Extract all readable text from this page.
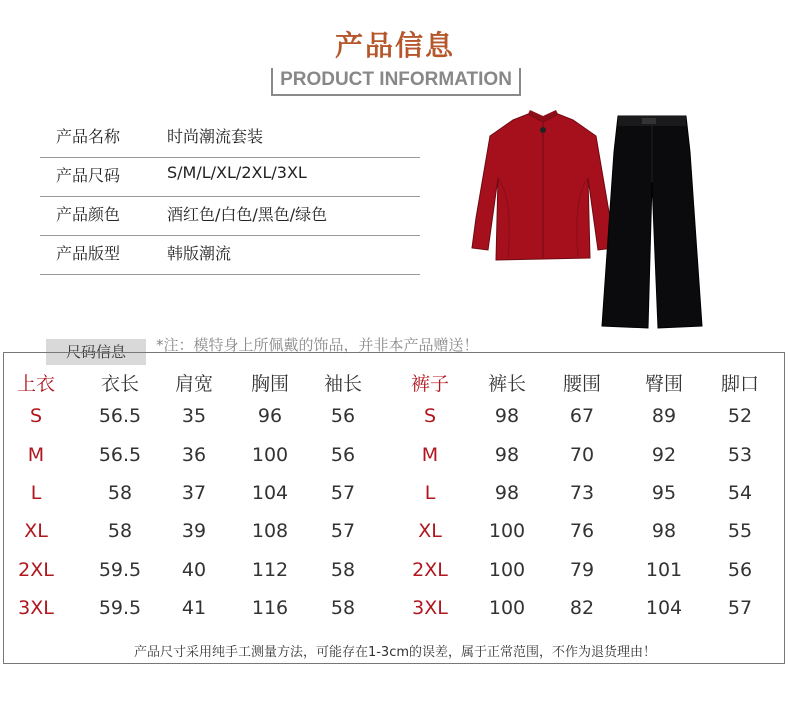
产品信息
PRODUCT INFORMATION
产品名称	时尚潮流套装
产品尺码	S/M/L/XL/2XL/3XL
产品颜色	酒红色/白色/黑色/绿色
产品版型	韩版潮流
尺码信息	*注：模特身上所佩戴的饰品，并非本产品赠送！
上衣	衣长	肩宽	胸围	袖长	裤子	裤长	腰围	臀围	脚口
S	56.5	35	96	56	S	98	67	89	52
M	56.5	36	100	56	M	98	70	92	53
L	58	37	104	57	L	98	73	95	54
XL	58	39	108	57	XL	100	76	98	55
2XL	59.5	40	112	58	2XL	100	79	101	56
3XL	59.5	41	116	58	3XL	100	82	104	57
产品尺寸采用纯手工测量方法，可能存在1-3cm的误差，属于正常范围，不作为退货理由！
